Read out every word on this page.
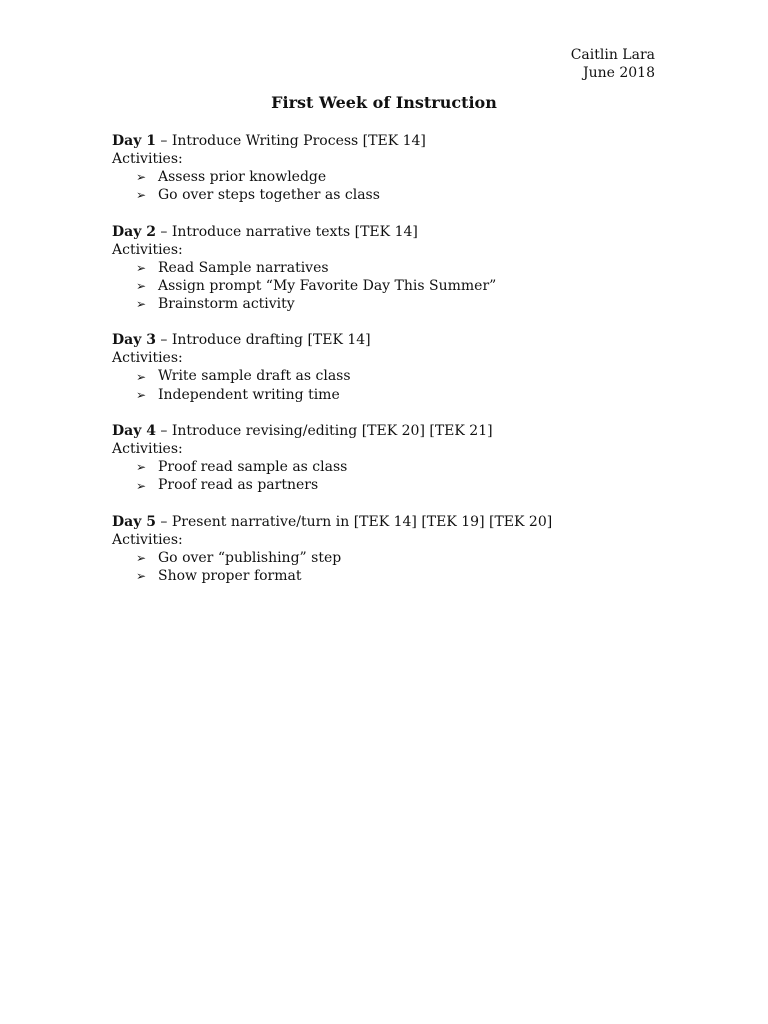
Caitlin Lara
June 2018
First Week of Instruction
Day 1 – Introduce Writing Process [TEK 14]
Activities:
➢ Assess prior knowledge
➢ Go over steps together as class
Day 2 – Introduce narrative texts [TEK 14]
Activities:
➢ Read Sample narratives
➢ Assign prompt “My Favorite Day This Summer”
➢ Brainstorm activity
Day 3 – Introduce drafting [TEK 14]
Activities:
➢ Write sample draft as class
➢ Independent writing time
Day 4 – Introduce revising/editing [TEK 20] [TEK 21]
Activities:
➢ Proof read sample as class
➢ Proof read as partners
Day 5 – Present narrative/turn in [TEK 14] [TEK 19] [TEK 20]
Activities:
➢ Go over “publishing” step
➢ Show proper format
